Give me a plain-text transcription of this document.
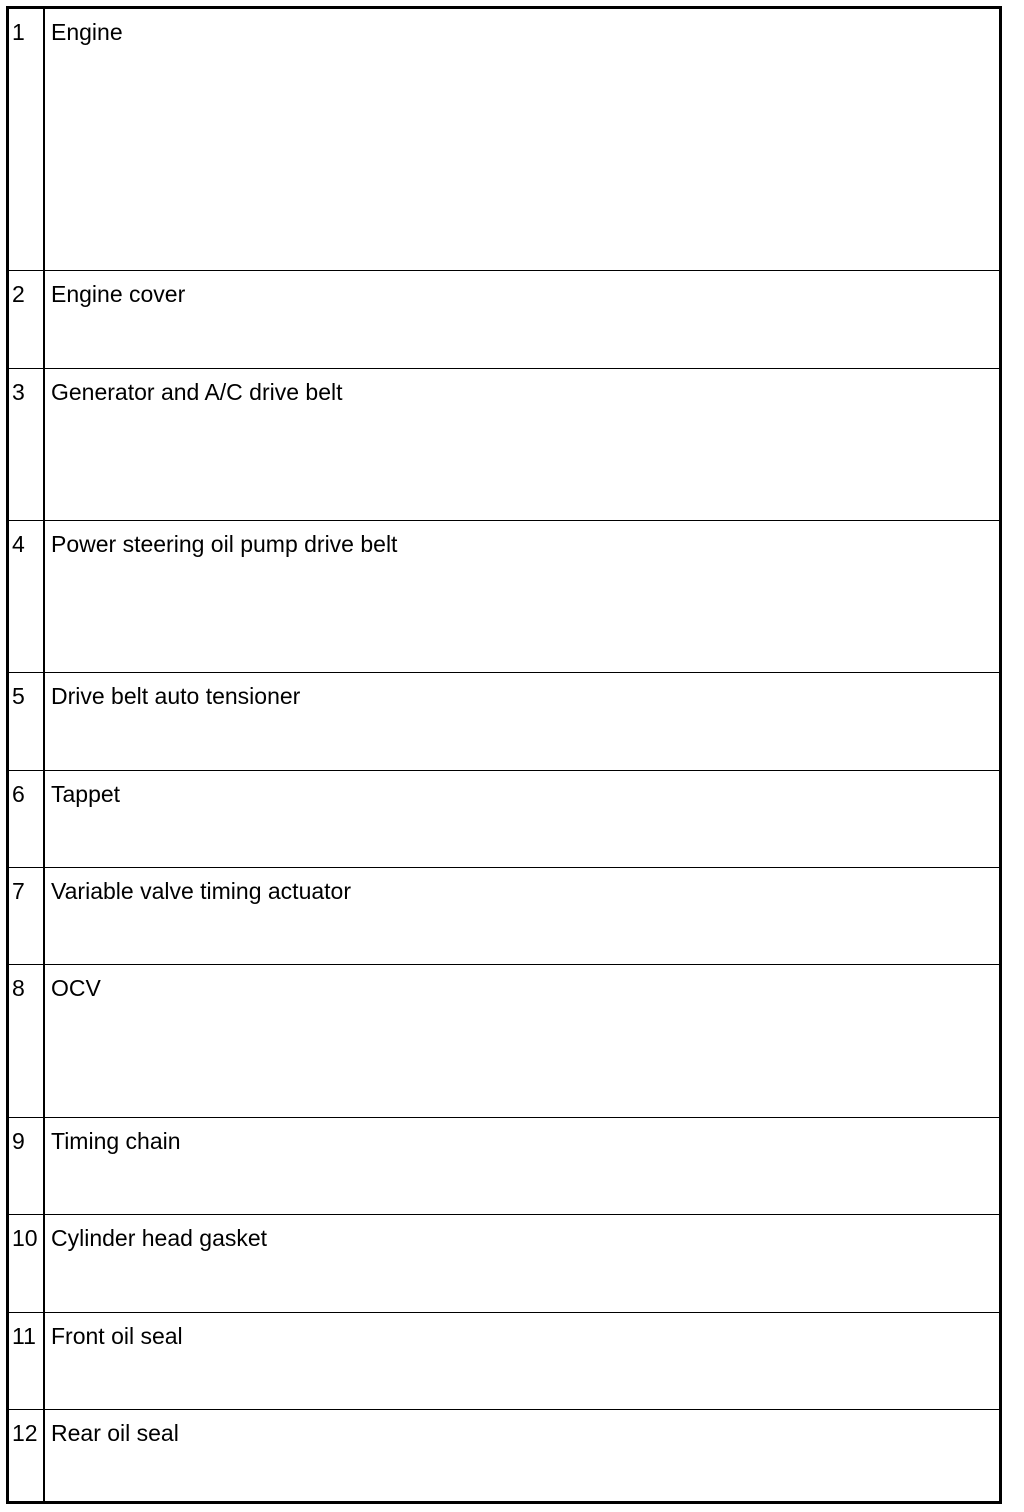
1	Engine
2	Engine cover
3	Generator and A/C drive belt
4	Power steering oil pump drive belt
5	Drive belt auto tensioner
6	Tappet
7	Variable valve timing actuator
8	OCV
9	Timing chain
10 Cylinder head gasket
11 Front oil seal
12 Rear oil seal
